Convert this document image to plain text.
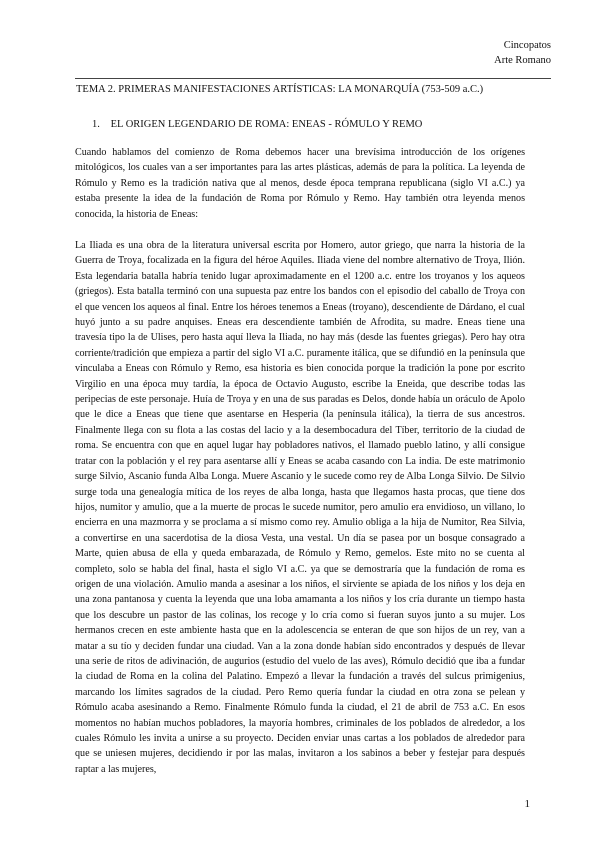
Cincopatos
Arte Romano
TEMA 2. PRIMERAS MANIFESTACIONES ARTÍSTICAS: LA MONARQUÍA (753-509 a.C.)
1. EL ORIGEN LEGENDARIO DE ROMA: ENEAS - RÓMULO Y REMO

Cuando hablamos del comienzo de Roma debemos hacer una brevísima introducción de los orígenes mitológicos, los cuales van a ser importantes para las artes plásticas, además de para la política. La leyenda de Rómulo y Remo es la tradición nativa que al menos, desde época temprana republicana (siglo VI a.C.) ya estaba presente la idea de la fundación de Roma por Rómulo y Remo. Hay también otra leyenda menos conocida, la historia de Eneas:

La Iliada es una obra de la literatura universal escrita por Homero, autor griego, que narra la historia de la Guerra de Troya, focalizada en la figura del héroe Aquiles. Iliada viene del nombre alternativo de Troya, Ilión. Esta legendaria batalla habría tenido lugar aproximadamente en el 1200 a.c. entre los troyanos y los aqueos (griegos). Esta batalla terminó con una supuesta paz entre los bandos con el episodio del caballo de Troya con el que vencen los aqueos al final. Entre los héroes tenemos a Eneas (troyano), descendiente de Dárdano, el cual huyó junto a su padre anquises. Eneas era descendiente también de Afrodita, su madre. Eneas tiene una travesía tipo la de Ulises, pero hasta aquí lleva la Iliada, no hay más (desde las fuentes griegas). Pero hay otra corriente/tradición que empieza a partir del siglo VI a.C. puramente itálica, que se difundió en la península que vinculaba a Eneas con Rómulo y Remo, esa historia es bien conocida porque la tradición la pone por escrito Virgilio en una época muy tardía, la época de Octavio Augusto, escribe la Eneida, que describe todas las peripecias de este personaje. Huía de Troya y en una de sus paradas es Delos, donde había un oráculo de Apolo que le dice a Eneas que tiene que asentarse en Hesperia (la península itálica), la tierra de sus ancestros. Finalmente llega con su flota a las costas del lacio y a la desembocadura del Tíber, territorio de la ciudad de roma. Se encuentra con que en aquel lugar hay pobladores nativos, el llamado pueblo latino, y allí consigue tratar con la población y el rey para asentarse allí y Eneas se acaba casando con La india. De este matrimonio surge Silvio, Ascanio funda Alba Longa. Muere Ascanio y le sucede como rey de Alba Longa Silvio. De Silvio surge toda una genealogía mítica de los reyes de alba longa, hasta que llegamos hasta procas, que tiene dos hijos, numitor y amulio, que a la muerte de procas le sucede numitor, pero amulio era envidioso, un villano, lo encierra en una mazmorra y se proclama a sí mismo como rey. Amulio obliga a la hija de Numitor, Rea Silvia, a convertirse en una sacerdotisa de la diosa Vesta, una vestal. Un día se pasea por un bosque consagrado a Marte, quien abusa de ella y queda embarazada, de Rómulo y Remo, gemelos. Este mito no se cuenta al completo, solo se habla del final, hasta el siglo VI a.C. ya que se demostraría que la fundación de roma es origen de una violación. Amulio manda a asesinar a los niños, el sirviente se apiada de los niños y los deja en una zona pantanosa y cuenta la leyenda que una loba amamanta a los niños y los cría durante un tiempo hasta que los descubre un pastor de las colinas, los recoge y lo cría como si fueran suyos junto a su mujer. Los hermanos crecen en este ambiente hasta que en la adolescencia se enteran de que son hijos de un rey, van a matar a su tío y deciden fundar una ciudad. Van a la zona donde habían sido encontrados y después de llevar una serie de ritos de adivinación, de augurios (estudio del vuelo de las aves), Rómulo decidió que iba a fundar la ciudad de Roma en la colina del Palatino. Empezó a llevar la fundación a través del sulcus primigenius, marcando los límites sagrados de la ciudad. Pero Remo quería fundar la ciudad en otra zona se pelean y Rómulo acaba asesinando a Remo. Finalmente Rómulo funda la ciudad, el 21 de abril de 753 a.C. En esos momentos no habían muchos pobladores, la mayoría hombres, criminales de los poblados de alrededor, a los cuales Rómulo les invita a unirse a su proyecto. Deciden enviar unas cartas a los poblados de alrededor para que se uniesen mujeres, decidiendo ir por las malas, invitaron a los sabinos a beber y festejar para después raptar a las mujeres,

1
